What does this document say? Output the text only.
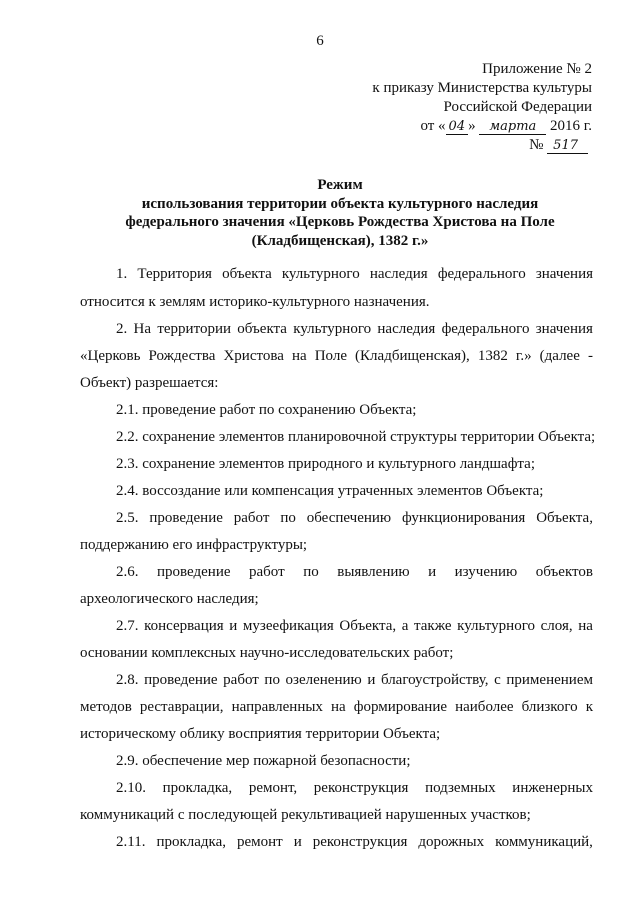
6
Приложение № 2
к приказу Министерства культуры
Российской Федерации
от « 04 » марта 2016 г.
№ 517
Режим
использования территории объекта культурного наследия
федерального значения «Церковь Рождества Христова на Поле
(Кладбищенская), 1382 г.»
1. Территория объекта культурного наследия федерального значения
относится к землям историко-культурного назначения.
2. На территории объекта культурного наследия федерального значения
«Церковь Рождества Христова на Поле (Кладбищенская), 1382 г.» (далее -
Объект) разрешается:
2.1. проведение работ по сохранению Объекта;
2.2. сохранение элементов планировочной структуры территории Объекта;
2.3. сохранение элементов природного и культурного ландшафта;
2.4. воссоздание или компенсация утраченных элементов Объекта;
2.5. проведение работ по обеспечению функционирования Объекта,
поддержанию его инфраструктуры;
2.6. проведение работ по выявлению и изучению объектов
археологического наследия;
2.7. консервация и музеефикация Объекта, а также культурного слоя, на
основании комплексных научно-исследовательских работ;
2.8. проведение работ по озеленению и благоустройству, с применением
методов реставрации, направленных на формирование наиболее близкого к
историческому облику восприятия территории Объекта;
2.9. обеспечение мер пожарной безопасности;
2.10. прокладка, ремонт, реконструкция подземных инженерных
коммуникаций с последующей рекультивацией нарушенных участков;
2.11. прокладка, ремонт и реконструкция дорожных коммуникаций,
